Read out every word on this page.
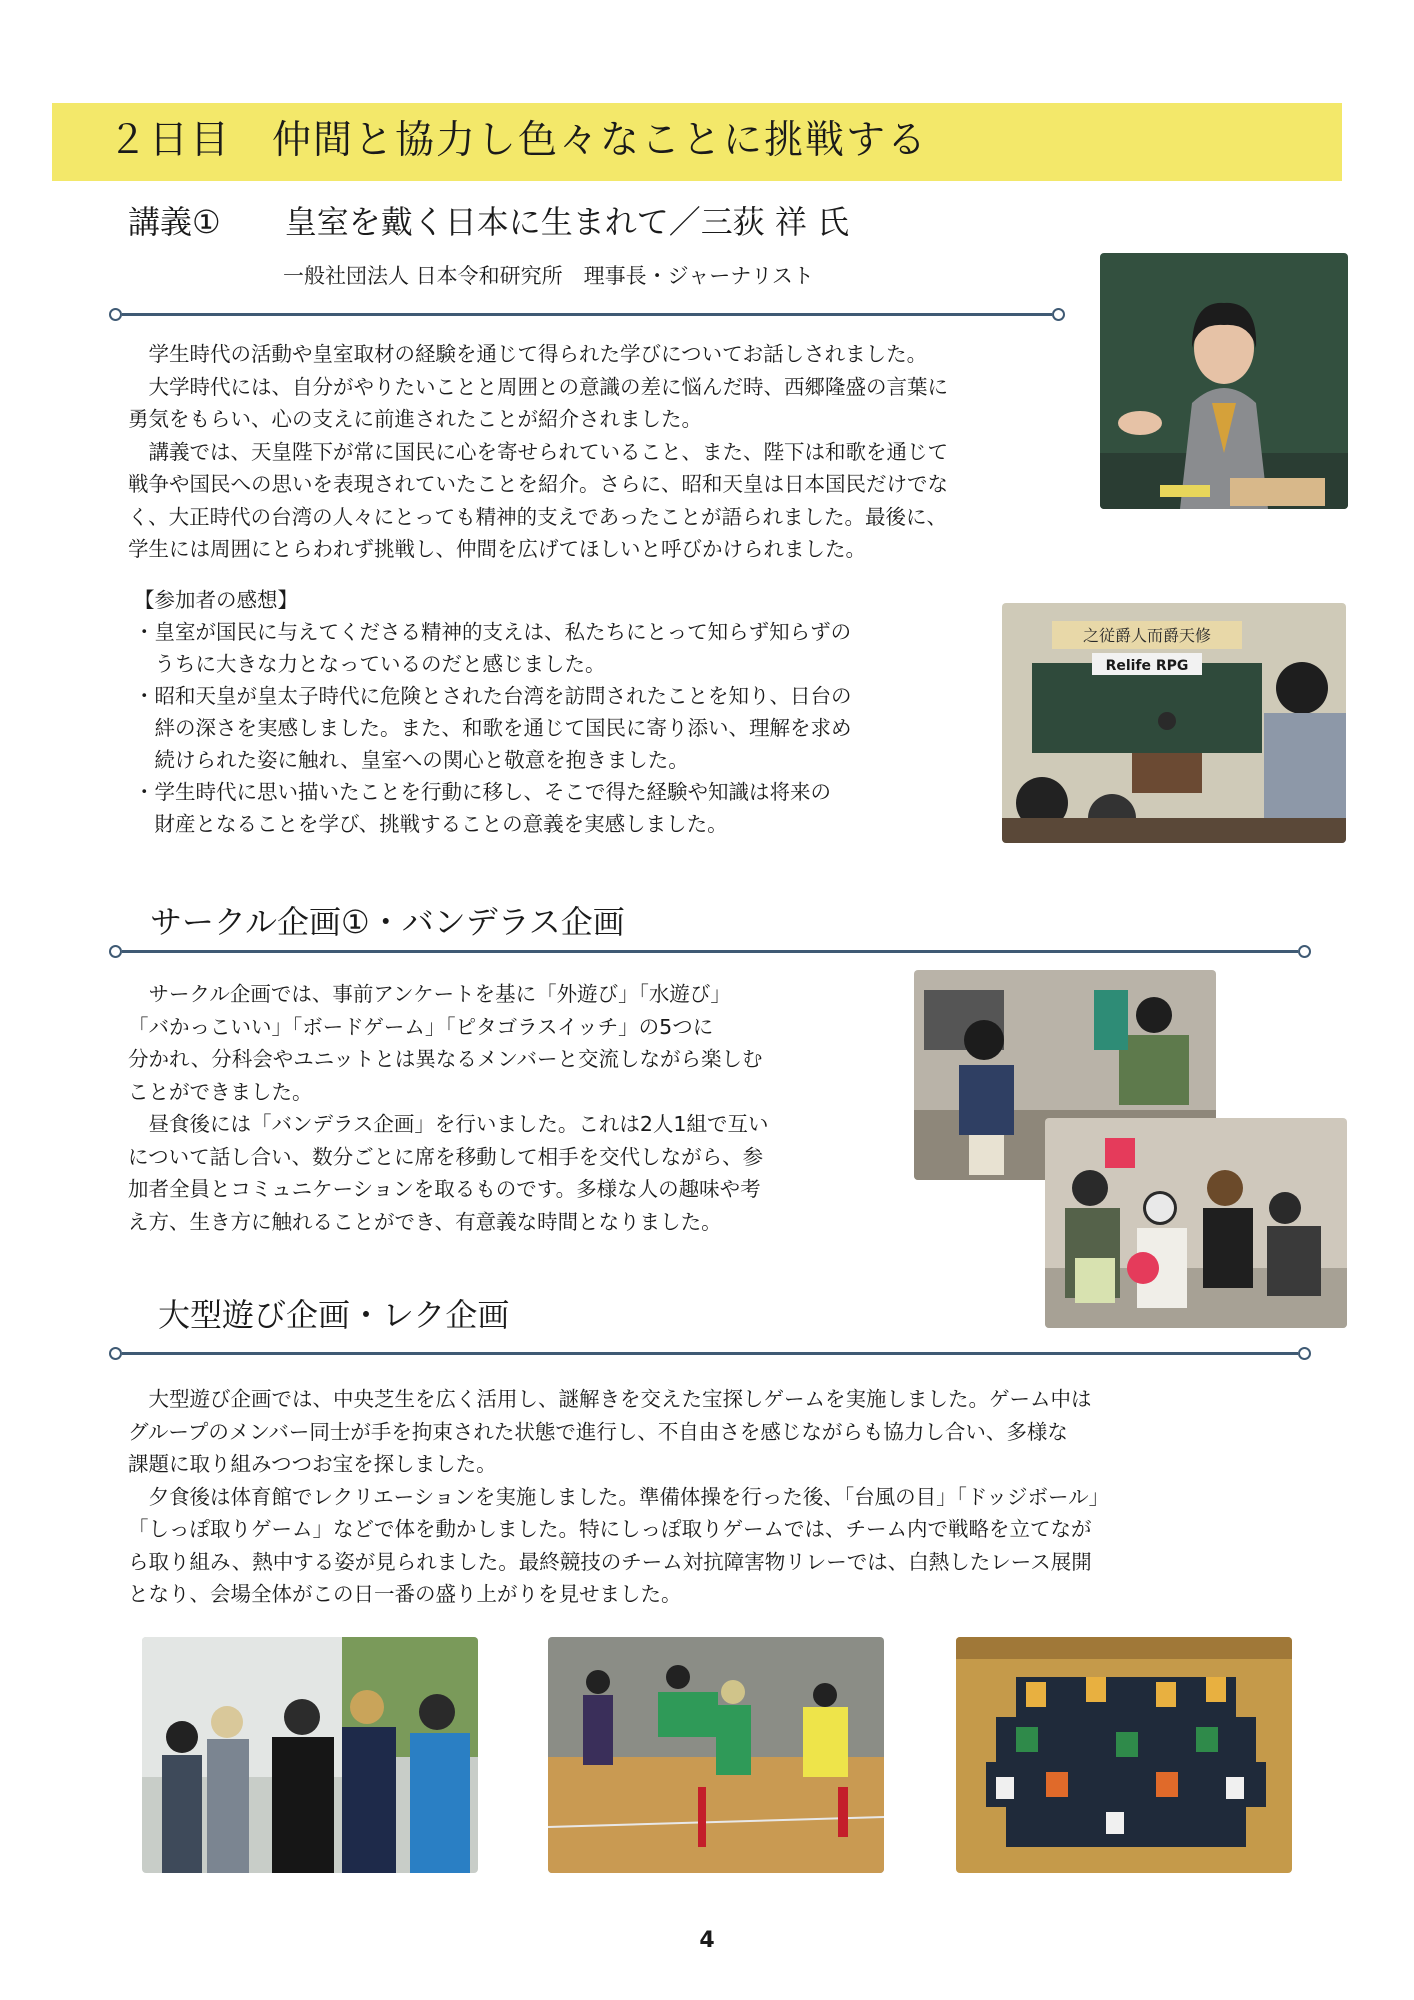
２日目　仲間と協力し色々なことに挑戦する
講義①　　皇室を戴く日本に生まれて／三荻 祥 氏
一般社団法人 日本令和研究所　理事長・ジャーナリスト

　学生時代の活動や皇室取材の経験を通じて得られた学びについてお話しされました。

　大学時代には、自分がやりたいことと周囲との意識の差に悩んだ時、西郷隆盛の言葉に

勇気をもらい、心の支えに前進されたことが紹介されました。

　講義では、天皇陛下が常に国民に心を寄せられていること、また、陛下は和歌を通じて

戦争や国民への思いを表現されていたことを紹介。さらに、昭和天皇は日本国民だけでな

く、大正時代の台湾の人々にとっても精神的支えであったことが語られました。最後に、

学生には周囲にとらわれず挑戦し、仲間を広げてほしいと呼びかけられました。

【参加者の感想】

・皇室が国民に与えてくださる精神的支えは、私たちにとって知らず知らずの

　うちに大きな力となっているのだと感じました。

・昭和天皇が皇太子時代に危険とされた台湾を訪問されたことを知り、日台の

　絆の深さを実感しました。また、和歌を通じて国民に寄り添い、理解を求め

　続けられた姿に触れ、皇室への関心と敬意を抱きました。

・学生時代に思い描いたことを行動に移し、そこで得た経験や知識は将来の

　財産となることを学び、挑戦することの意義を実感しました。

之従爵人而爵天修
Relife RPG
サークル企画①・バンデラス企画

　サークル企画では、事前アンケートを基に「外遊び」「水遊び」

「バかっこいい」「ボードゲーム」「ピタゴラスイッチ」の5つに

分かれ、分科会やユニットとは異なるメンバーと交流しながら楽しむ

ことができました。

　昼食後には「バンデラス企画」を行いました。これは2人1組で互い

について話し合い、数分ごとに席を移動して相手を交代しながら、参

加者全員とコミュニケーションを取るものです。多様な人の趣味や考

え方、生き方に触れることができ、有意義な時間となりました。

大型遊び企画・レク企画

　大型遊び企画では、中央芝生を広く活用し、謎解きを交えた宝探しゲームを実施しました。ゲーム中は

グループのメンバー同士が手を拘束された状態で進行し、不自由さを感じながらも協力し合い、多様な

課題に取り組みつつお宝を探しました。

　夕食後は体育館でレクリエーションを実施しました。準備体操を行った後、「台風の目」「ドッジボール」

「しっぽ取りゲーム」などで体を動かしました。特にしっぽ取りゲームでは、チーム内で戦略を立てなが

ら取り組み、熱中する姿が見られました。最終競技のチーム対抗障害物リレーでは、白熱したレース展開

となり、会場全体がこの日一番の盛り上がりを見せました。

4
